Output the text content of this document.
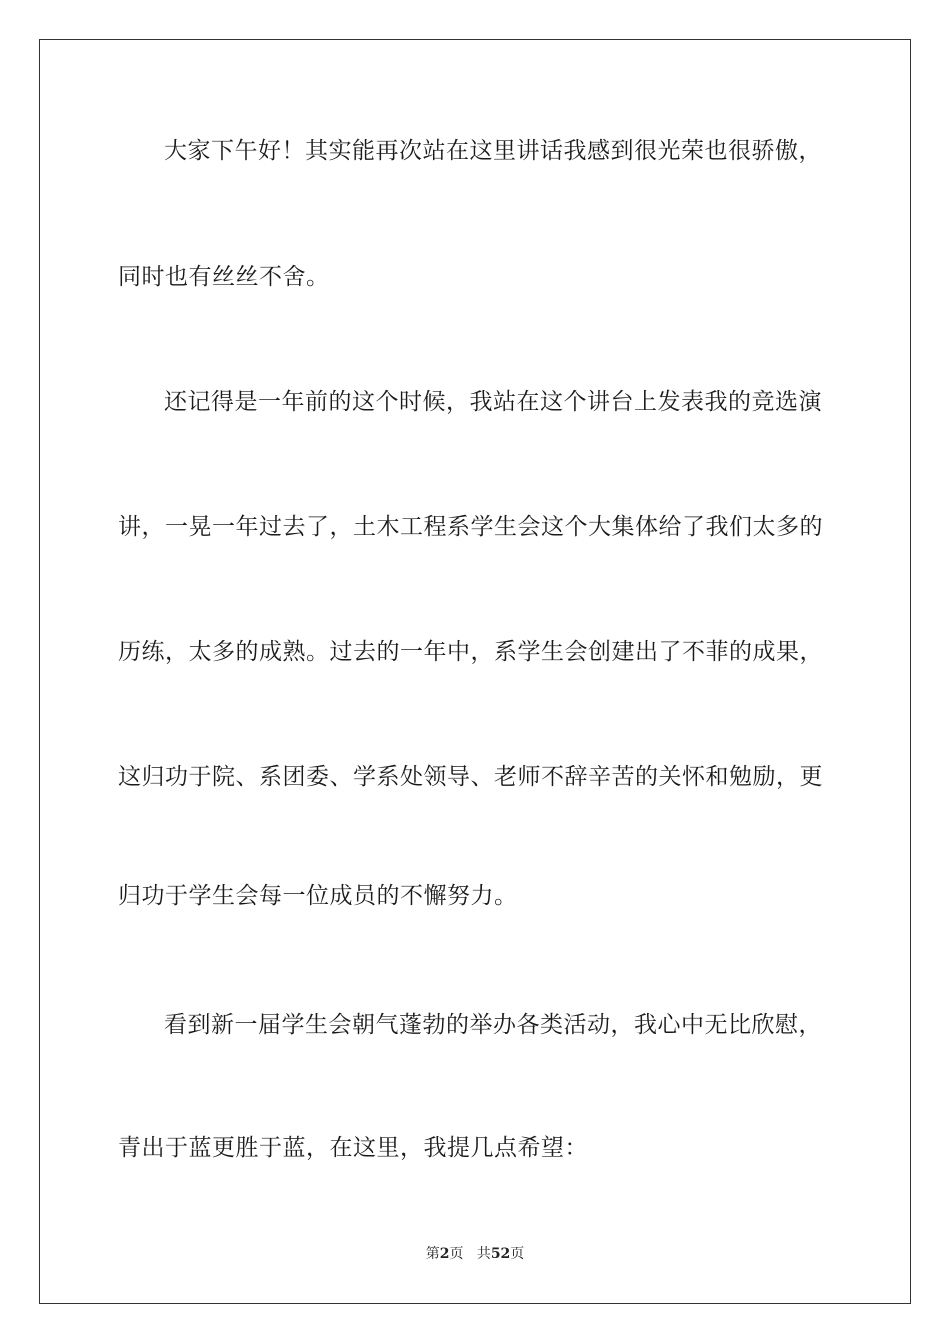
大家下午好！其实能再次站在这里讲话我感到很光荣也很骄傲，
同时也有丝丝不舍。
还记得是一年前的这个时候，我站在这个讲台上发表我的竞选演
讲，一晃一年过去了，土木工程系学生会这个大集体给了我们太多的
历练，太多的成熟。过去的一年中，系学生会创建出了不菲的成果，
这归功于院、系团委、学系处领导、老师不辞辛苦的关怀和勉励，更
归功于学生会每一位成员的不懈努力。
看到新一届学生会朝气蓬勃的举办各类活动，我心中无比欣慰，
青出于蓝更胜于蓝，在这里，我提几点希望：
第2页 共52页
